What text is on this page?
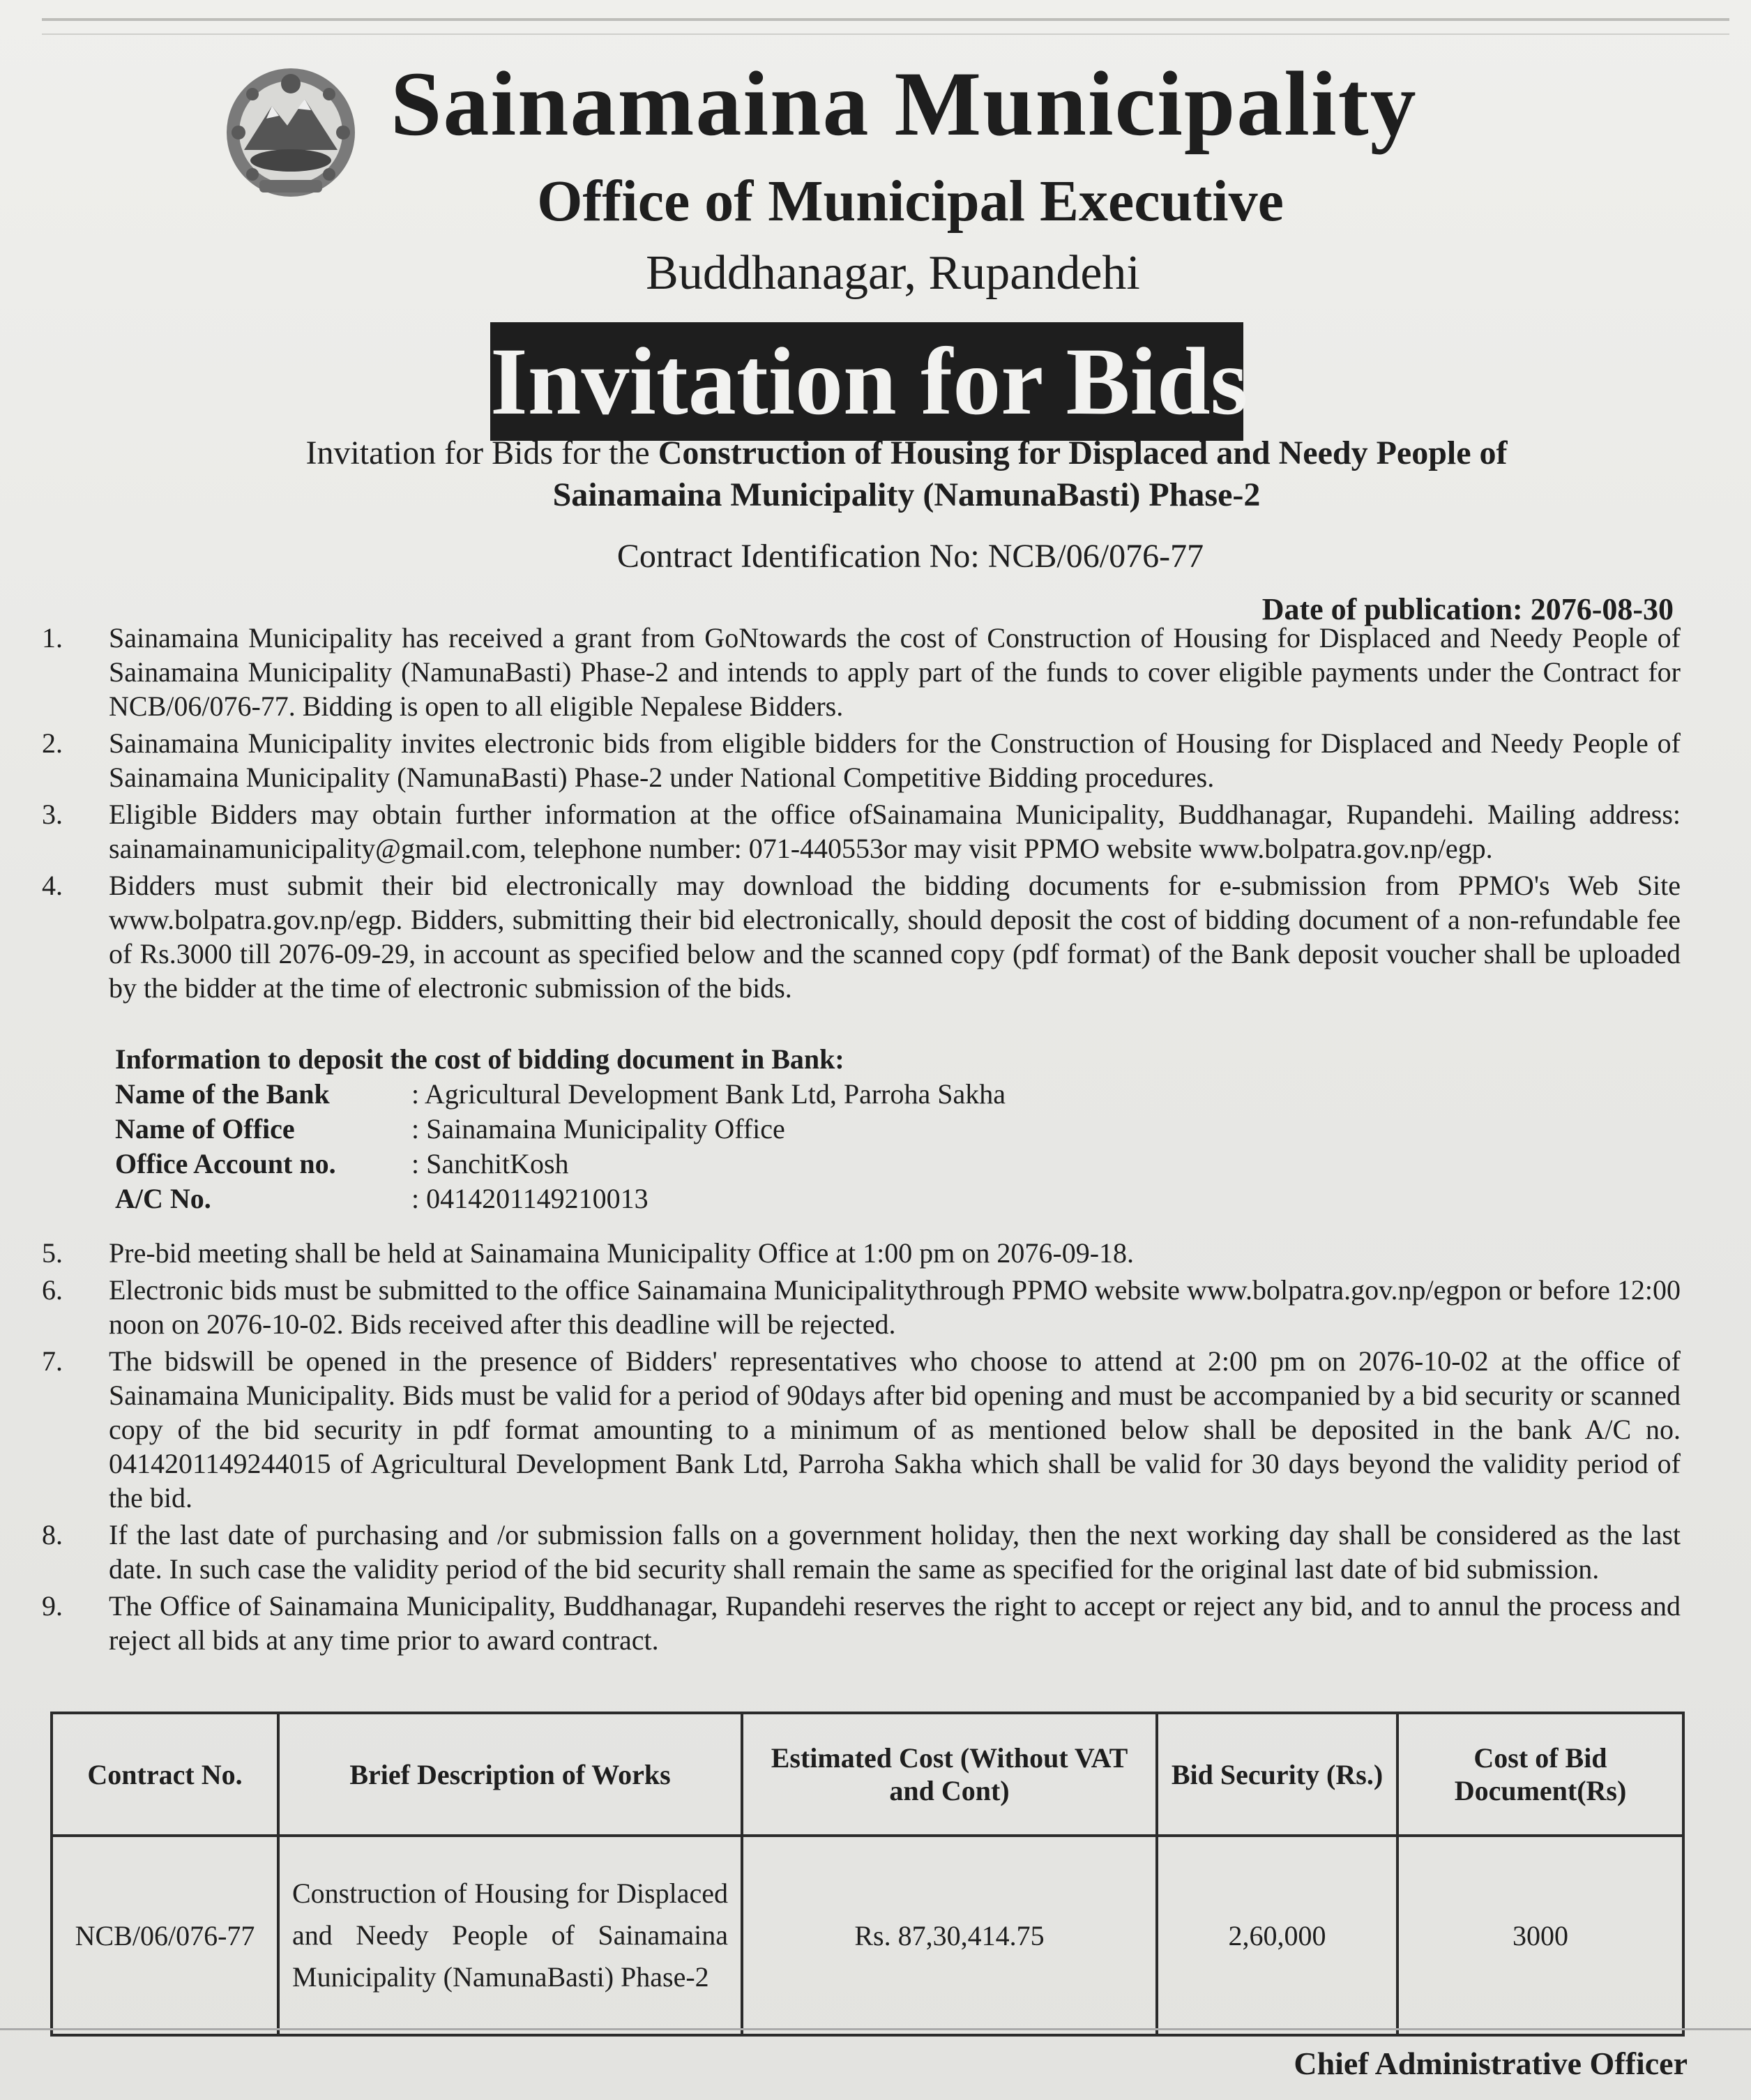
Sainamaina Municipality
Office of Municipal Executive
Buddhanagar, Rupandehi
Invitation for Bids
Invitation for Bids for the Construction of Housing for Displaced and Needy People of
Sainamaina Municipality (NamunaBasti) Phase-2
Contract Identification No: NCB/06/076-77
Date of publication: 2076-08-30
1.	Sainamaina Municipality has received a grant from GoNtowards the cost of Construction of Housing for Displaced and Needy People of Sainamaina Municipality (NamunaBasti) Phase-2 and intends to apply part of the funds to cover eligible payments under the Contract for NCB/06/076-77. Bidding is open to all eligible Nepalese Bidders.
2.	Sainamaina Municipality invites electronic bids from eligible bidders for the Construction of Housing for Displaced and Needy People of Sainamaina Municipality (NamunaBasti) Phase-2 under National Competitive Bidding procedures.
3.	Eligible Bidders may obtain further information at the office ofSainamaina Municipality, Buddhanagar, Rupandehi. Mailing address: sainamainamunicipality@gmail.com, telephone number: 071-440553or may visit PPMO website www.bolpatra.gov.np/egp.
4.	Bidders must submit their bid electronically may download the bidding documents for e-submission from PPMO's Web Site www.bolpatra.gov.np/egp. Bidders, submitting their bid electronically, should deposit the cost of bidding document of a non-refundable fee of Rs.3000 till 2076-09-29, in account as specified below and the scanned copy (pdf format) of the Bank deposit voucher shall be uploaded by the bidder at the time of electronic submission of the bids.
Information to deposit the cost of bidding document in Bank:
Name of the Bank	: Agricultural Development Bank Ltd, Parroha Sakha
Name of Office	: Sainamaina Municipality Office
Office Account no.	: SanchitKosh
A/C No.	: 0414201149210013
5.	Pre-bid meeting shall be held at Sainamaina Municipality Office at 1:00 pm on 2076-09-18.
6.	Electronic bids must be submitted to the office Sainamaina Municipalitythrough PPMO website www.bolpatra.gov.np/egpon or before 12:00 noon on 2076-10-02. Bids received after this deadline will be rejected.
7.	The bidswill be opened in the presence of Bidders' representatives who choose to attend at 2:00 pm on 2076-10-02 at the office of Sainamaina Municipality. Bids must be valid for a period of 90days after bid opening and must be accompanied by a bid security or scanned copy of the bid security in pdf format amounting to a minimum of as mentioned below shall be deposited in the bank A/C no. 0414201149244015 of Agricultural Development Bank Ltd, Parroha Sakha which shall be valid for 30 days beyond the validity period of the bid.
8.	If the last date of purchasing and /or submission falls on a government holiday, then the next working day shall be considered as the last date. In such case the validity period of the bid security shall remain the same as specified for the original last date of bid submission.
9.	The Office of Sainamaina Municipality, Buddhanagar, Rupandehi reserves the right to accept or reject any bid, and to annul the process and reject all bids at any time prior to award contract.
Contract No.	Brief Description of Works	Estimated Cost (Without VAT and Cont)	Bid Security (Rs.)	Cost of Bid Document(Rs)
NCB/06/076-77	Construction of Housing for Displaced and Needy People of Sainamaina Municipality (NamunaBasti) Phase-2	Rs. 87,30,414.75	2,60,000	3000
Chief Administrative Officer
